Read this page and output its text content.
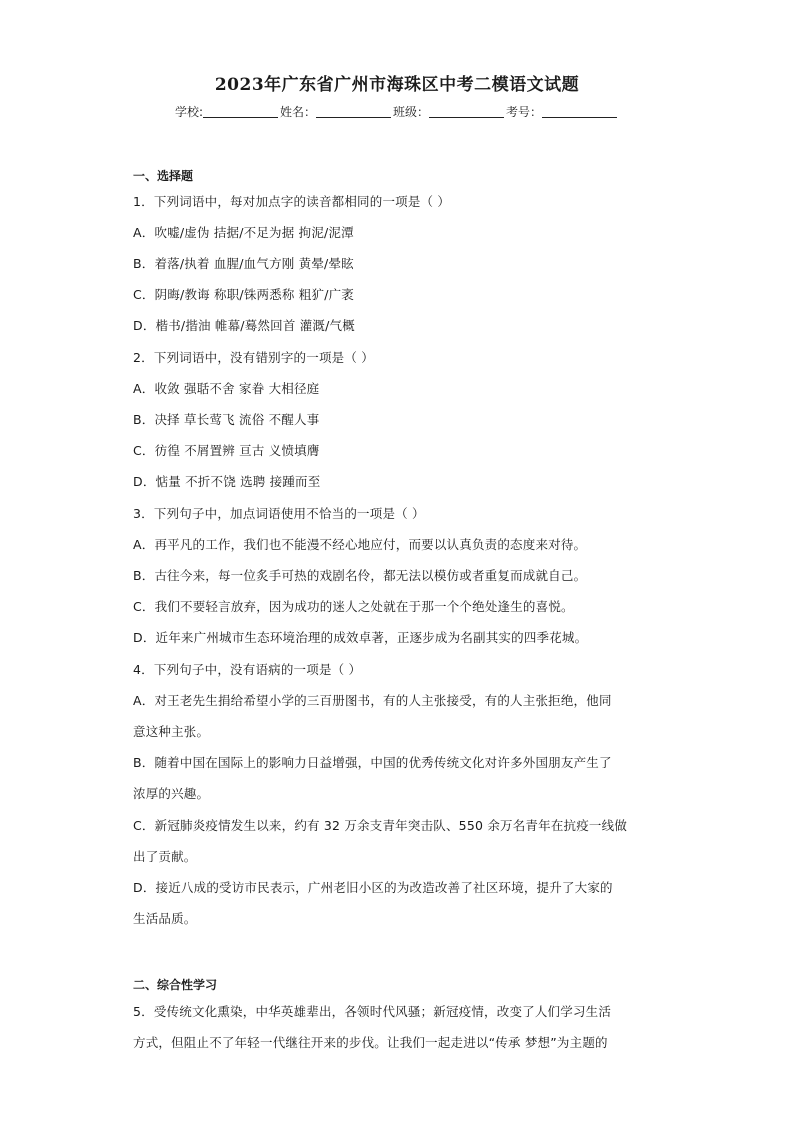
2023年广东省广州市海珠区中考二模语文试题
学校:	姓名：	班级：	考号：
一、选择题
1．下列词语中，每对加点字的读音都相同的一项是（ ）
A．吹嘘/虚伪 拮据/不足为据 拘泥/泥潭
B．着落/执着 血腥/血气方刚 黄晕/晕眩
C．阴晦/教诲 称职/铢两悉称 粗犷/广袤
D．楷书/揩油 帷幕/蓦然回首 灌溉/气概
2．下列词语中，没有错别字的一项是（ ）
A．收敛 强聒不舍 家眷 大相径庭
B．决择 草长莺飞 流俗 不醒人事
C．彷徨 不屑置辨 亘古 义愤填膺
D．惦量 不折不饶 选聘 接踵而至
3．下列句子中，加点词语使用不恰当的一项是（ ）
A．再平凡的工作，我们也不能漫不经心地应付，而要以认真负责的态度来对待。
B．古往今来，每一位炙手可热的戏剧名伶，都无法以模仿或者重复而成就自己。
C．我们不要轻言放弃，因为成功的迷人之处就在于那一个个绝处逢生的喜悦。
D．近年来广州城市生态环境治理的成效卓著，正逐步成为名副其实的四季花城。
4．下列句子中，没有语病的一项是（ ）
A．对王老先生捐给希望小学的三百册图书，有的人主张接受，有的人主张拒绝，他同
意这种主张。
B．随着中国在国际上的影响力日益增强，中国的优秀传统文化对许多外国朋友产生了
浓厚的兴趣。
C．新冠肺炎疫情发生以来，约有 32 万余支青年突击队、550 余万名青年在抗疫一线做
出了贡献。
D．接近八成的受访市民表示，广州老旧小区的为改造改善了社区环境，提升了大家的
生活品质。
二、综合性学习
5．受传统文化熏染，中华英雄辈出，各领时代风骚；新冠疫情，改变了人们学习生活
方式，但阻止不了年轻一代继往开来的步伐。让我们一起走进以“传承 梦想”为主题的
